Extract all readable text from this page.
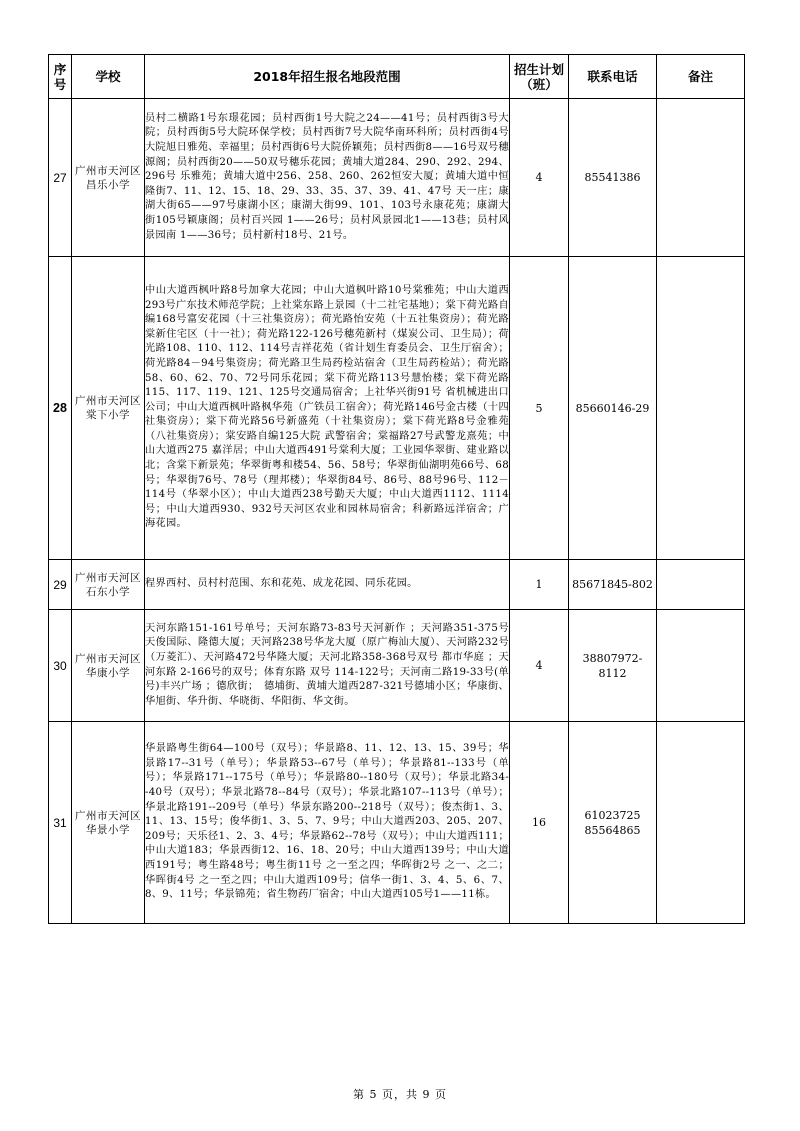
序号	学校	2018年招生报名地段范围	招生计划（班）	联系电话	备注
27	广州市天河区昌乐小学	员村二横路1号东璟花园；员村西街1号大院之24——41号；员村西街3号大院；员村西街5号大院环保学校；员村西街7号大院华南环科所；员村西街4号大院旭日雅苑、幸福里；员村西街6号大院侨颖苑；员村西街8——16号双号穗源阁；员村西街20——50双号穗乐花园；黄埔大道284、290、292、294、296号 乐雅苑；黄埔大道中256、258、260、262恒安大厦；黄埔大道中恒隆街7、11、12、15、18、29、33、35、37、39、41、47号 天一庄；康湖大街65——97号康湖小区；康湖大街99、101、103号永康花苑；康湖大街105号颖康阁；员村百兴园 1——26号；员村风景园北1——13巷；员村风景园南 1——36号；员村新村18号、21号。	4	85541386	
28	广州市天河区棠下小学	中山大道西枫叶路8号加拿大花园；中山大道枫叶路10号棠雅苑；中山大道西293号广东技术师范学院；上社棠东路上景园（十二社宅基地）；棠下荷光路自编168号富安花园（十三社集资房）；荷光路怡安苑（十五社集资房）；荷光路棠新住宅区（十一社）；荷光路122-126号穗苑新村（煤炭公司、卫生局）；荷光路108、110、112、114号吉祥花苑（省计划生育委员会、卫生厅宿舍）；荷光路84－94号集资房；荷光路卫生局药检站宿舍（卫生局药检站）；荷光路58、60、62、70、72号同乐花园；棠下荷光路113号慧怡楼；棠下荷光路115、117、119、121、125号交通局宿舍；上社华兴街91号 省机械进出口公司；中山大道西枫叶路枫华苑（广铁员工宿舍）；荷光路146号金古楼（十四社集资房）；棠下荷光路56号新盛苑（十社集资房）；棠下荷光路8号金雅苑（八社集资房）；棠安路自编125大院 武警宿舍；棠福路27号武警龙熹苑；中山大道西275 嘉洋居；中山大道西491号棠利大厦；工业园华翠街、建业路以北；含棠下新景苑；华翠街粤和楼54、56、58号；华翠街仙湖明苑66号、68号；华翠街76号、78号（理邦楼）；华翠街84号、86号、88号96号、112－114号（华翠小区）；中山大道西238号勤天大厦；中山大道西1112、1114号；中山大道西930、932号天河区农业和园林局宿舍；科新路远洋宿舍；广海花园。	5	85660146-29	
29	广州市天河区石东小学	程界西村、员村村范围、东和花苑、成龙花园、同乐花园。	1	85671845-802	
30	广州市天河区华康小学	天河东路151-161号单号；天河东路73-83号天河新作 ；天河路351-375号天俊国际、隆德大厦；天河路238号华龙大厦（原广梅汕大厦）、天河路232号（万菱汇）、天河路472号华隆大厦；天河北路358-368号双号 都市华庭 ；天河东路 2-166号的双号；体育东路 双号 114-122号；天河南二路19-33号(单号)丰兴广场 ；德欣街；　德埔街、黄埔大道西287-321号德埔小区；华康街、华旭街、华升街、华晓街、华阳街、华文街。	4	38807972-8112	
31	广州市天河区华景小学	华景路粤生街64—100号（双号）；华景路8、11、12、13、15、39号；华景路17--31号（单号）；华景路53--67号（单号）；华景路81--133号（单号）；华景路171--175号（单号）；华景路80--180号（双号）；华景北路34--40号（双号）；华景北路78--84号（双号）；华景北路107--113号（单号）；华景北路191--209号（单号）华景东路200--218号（双号）；俊杰街1、3、11、13、15号；俊华街1、3、5、7、9号；中山大道西203、205、207、209号；天乐径1、2、3、4号；华景路62--78号（双号）；中山大道西111；中山大道183；华景西街12、16、18、20号；中山大道西139号；中山大道西191号；粤生路48号；粤生街11号 之一至之四；华晖街2号 之一、之二；华晖街4号 之一至之四；中山大道西109号；信华一街1、3、4、5、6、7、8、9、11号；华景锦苑；省生物药厂宿舍；中山大道西105号1——11栋。	16	61023725 85564865	
第 5 页，共 9 页
